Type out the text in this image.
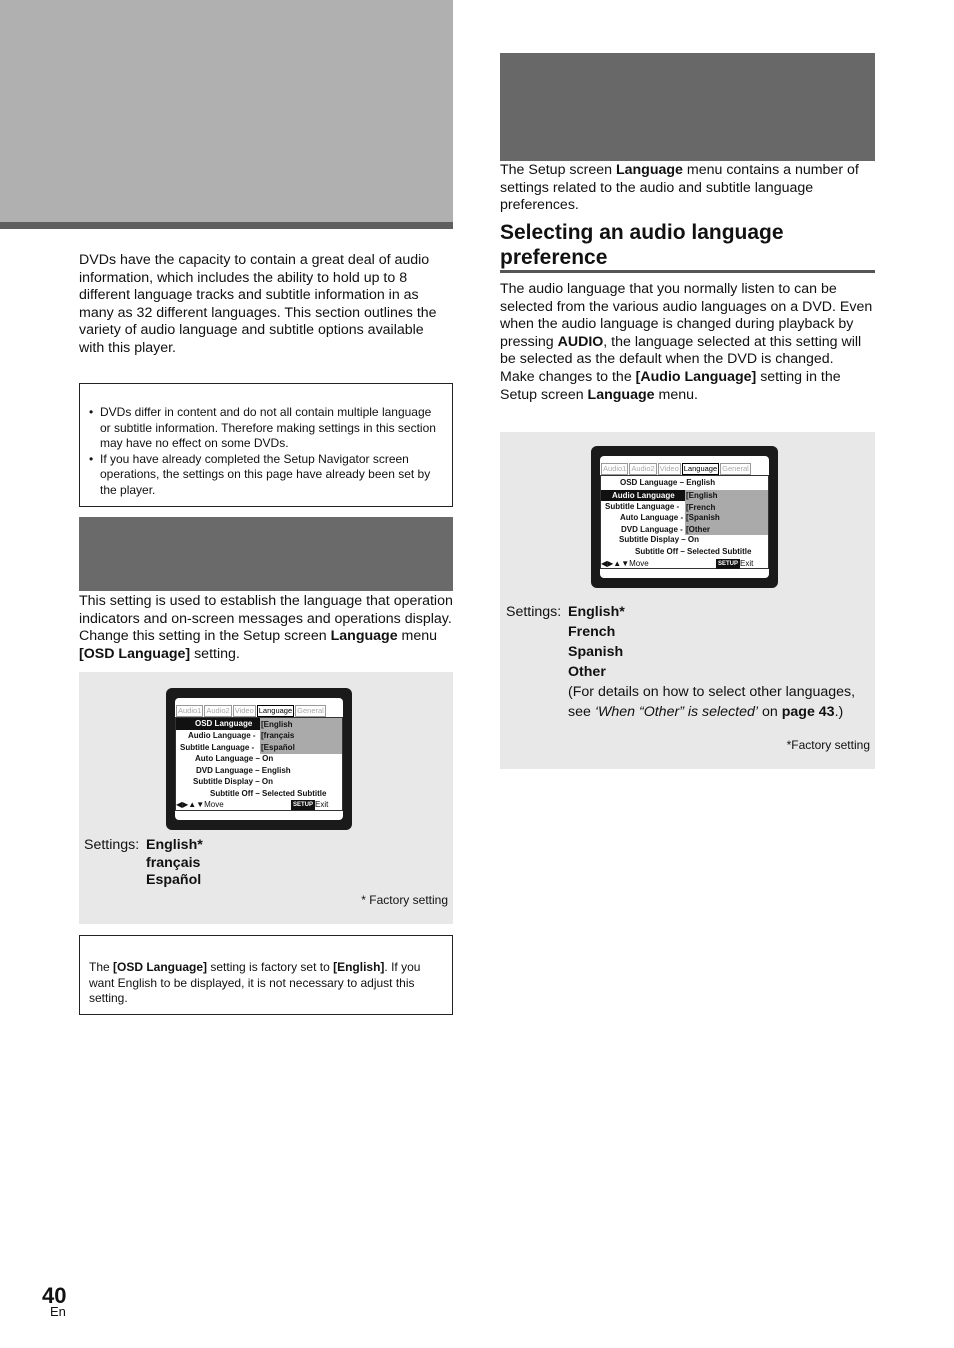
DVDs have the capacity to contain a great deal of audio information, which includes the ability to hold up to 8 different language tracks and subtitle information in as many as 32 different languages. This section outlines the variety of audio language and subtitle options available with this player.

• DVDs differ in content and do not all contain multiple language or subtitle information. Therefore making settings in this section may have no effect on some DVDs.
• If you have already completed the Setup Navigator screen operations, the settings on this page have already been set by the player.

This setting is used to establish the language that operation indicators and on-screen messages and operations display. Change this setting in the Setup screen Language menu [OSD Language] setting.

Audio1 Audio2 Video Language General
OSD Language [English
Audio Language - [français
Subtitle Language - [Español
Auto Language – On
DVD Language – English
Subtitle Display – On
Subtitle Off – Selected Subtitle
◀▶▲▼Move	SETUP Exit
Settings: English*
français
Español
* Factory setting
The [OSD Language] setting is factory set to [English]. If you want English to be displayed, it is not necessary to adjust this setting.

The Setup screen Language menu contains a number of settings related to the audio and subtitle language preferences.

Selecting an audio language preference

The audio language that you normally listen to can be selected from the various audio languages on a DVD. Even when the audio language is changed during playback by pressing AUDIO, the language selected at this setting will be selected as the default when the DVD is changed.
Make changes to the [Audio Language] setting in the Setup screen Language menu.

Audio1 Audio2 Video Language General
OSD Language – English
Audio Language [English
Subtitle Language - [French
Auto Language - [Spanish
DVD Language - [Other
Subtitle Display – On
Subtitle Off – Selected Subtitle
◀▶▲▼Move	SETUP Exit
Settings: English*
French
Spanish
Other
(For details on how to select other languages, see ‘When “Other” is selected’ on page 43.)
*Factory setting
40
En
